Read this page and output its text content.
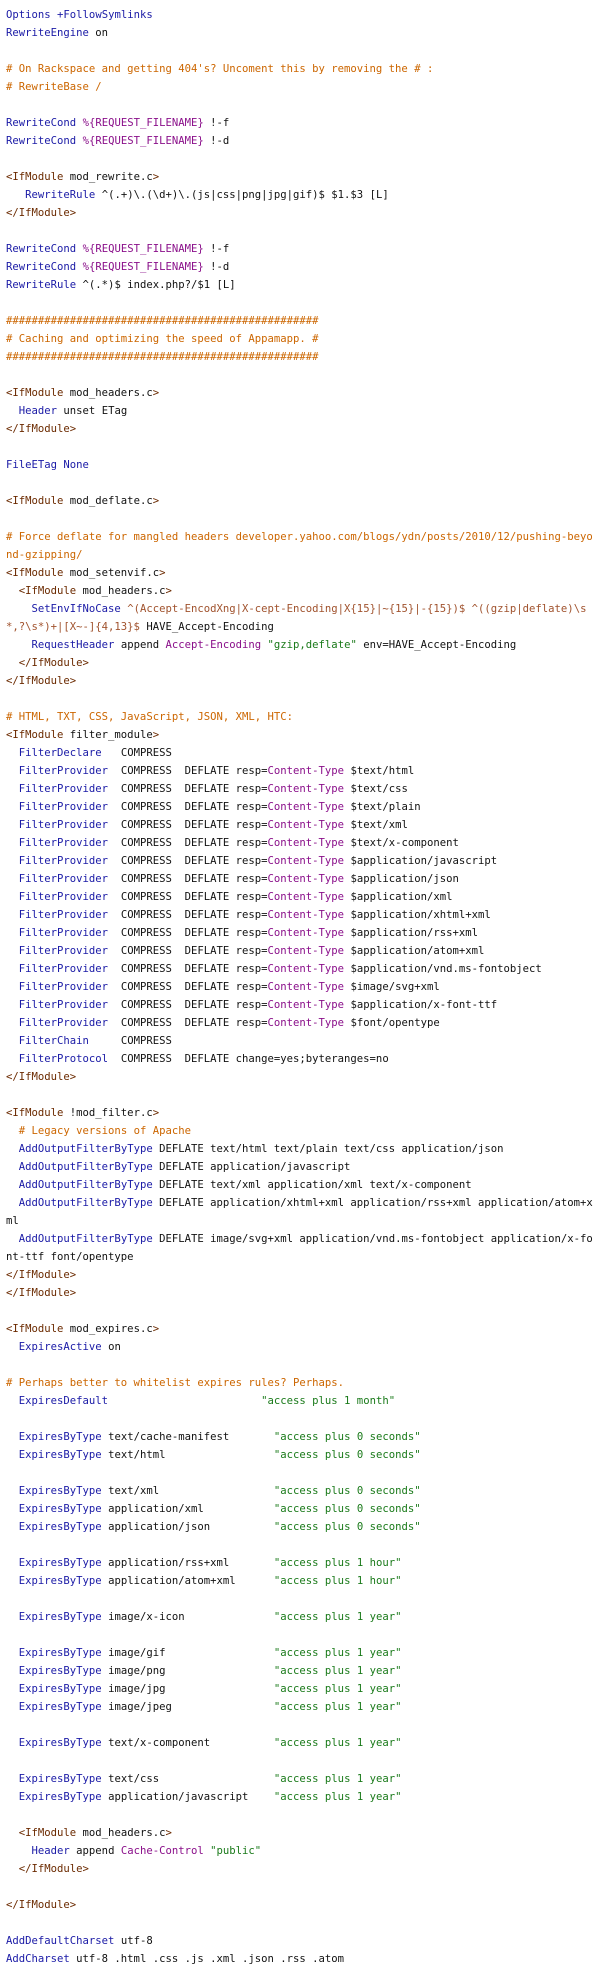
Options +FollowSymlinks
RewriteEngine on
# On Rackspace and getting 404's? Uncoment this by removing the # :
# RewriteBase /
RewriteCond %{REQUEST_FILENAME} !-f
RewriteCond %{REQUEST_FILENAME} !-d
<IfModule mod_rewrite.c>
RewriteRule ^(.+)\.(\d+)\.(js|css|png|jpg|gif)$ $1.$3 [L]
</IfModule>
RewriteCond %{REQUEST_FILENAME} !-f
RewriteCond %{REQUEST_FILENAME} !-d
RewriteRule ^(.*)$ index.php?/$1 [L]
#################################################
# Caching and optimizing the speed of Appamapp. #
#################################################
<IfModule mod_headers.c>
Header unset ETag
</IfModule>
FileETag None
<IfModule mod_deflate.c>
# Force deflate for mangled headers developer.yahoo.com/blogs/ydn/posts/2010/12/pushing-beyond-gzipping/
<IfModule mod_setenvif.c>
<IfModule mod_headers.c>
SetEnvIfNoCase ^(Accept-EncodXng|X-cept-Encoding|X{15}|~{15}|-{15})$ ^((gzip|deflate)\s*,?\s*)+|[X~-]{4,13}$ HAVE_Accept-Encoding
RequestHeader append Accept-Encoding "gzip,deflate" env=HAVE_Accept-Encoding
</IfModule>
</IfModule>
# HTML, TXT, CSS, JavaScript, JSON, XML, HTC:
<IfModule filter_module>
FilterDeclare   COMPRESS
FilterProvider  COMPRESS  DEFLATE resp=Content-Type $text/html
FilterProvider  COMPRESS  DEFLATE resp=Content-Type $text/css
FilterProvider  COMPRESS  DEFLATE resp=Content-Type $text/plain
FilterProvider  COMPRESS  DEFLATE resp=Content-Type $text/xml
FilterProvider  COMPRESS  DEFLATE resp=Content-Type $text/x-component
FilterProvider  COMPRESS  DEFLATE resp=Content-Type $application/javascript
FilterProvider  COMPRESS  DEFLATE resp=Content-Type $application/json
FilterProvider  COMPRESS  DEFLATE resp=Content-Type $application/xml
FilterProvider  COMPRESS  DEFLATE resp=Content-Type $application/xhtml+xml
FilterProvider  COMPRESS  DEFLATE resp=Content-Type $application/rss+xml
FilterProvider  COMPRESS  DEFLATE resp=Content-Type $application/atom+xml
FilterProvider  COMPRESS  DEFLATE resp=Content-Type $application/vnd.ms-fontobject
FilterProvider  COMPRESS  DEFLATE resp=Content-Type $image/svg+xml
FilterProvider  COMPRESS  DEFLATE resp=Content-Type $application/x-font-ttf
FilterProvider  COMPRESS  DEFLATE resp=Content-Type $font/opentype
FilterChain     COMPRESS
FilterProtocol  COMPRESS  DEFLATE change=yes;byteranges=no
</IfModule>
<IfModule !mod_filter.c>
# Legacy versions of Apache
AddOutputFilterByType DEFLATE text/html text/plain text/css application/json
AddOutputFilterByType DEFLATE application/javascript
AddOutputFilterByType DEFLATE text/xml application/xml text/x-component
AddOutputFilterByType DEFLATE application/xhtml+xml application/rss+xml application/atom+xml
AddOutputFilterByType DEFLATE image/svg+xml application/vnd.ms-fontobject application/x-font-ttf font/opentype
</IfModule>
</IfModule>
<IfModule mod_expires.c>
ExpiresActive on
# Perhaps better to whitelist expires rules? Perhaps.
ExpiresDefault	"access plus 1 month"
ExpiresByType text/cache-manifest       "access plus 0 seconds"
ExpiresByType text/html                 "access plus 0 seconds"
ExpiresByType text/xml                  "access plus 0 seconds"
ExpiresByType application/xml           "access plus 0 seconds"
ExpiresByType application/json          "access plus 0 seconds"
ExpiresByType application/rss+xml       "access plus 1 hour"
ExpiresByType application/atom+xml      "access plus 1 hour"
ExpiresByType image/x-icon              "access plus 1 year"
ExpiresByType image/gif                 "access plus 1 year"
ExpiresByType image/png                 "access plus 1 year"
ExpiresByType image/jpg                 "access plus 1 year"
ExpiresByType image/jpeg                "access plus 1 year"
ExpiresByType text/x-component          "access plus 1 year"
ExpiresByType text/css                  "access plus 1 year"
ExpiresByType application/javascript    "access plus 1 year"
<IfModule mod_headers.c>
Header append Cache-Control "public"
</IfModule>
</IfModule>
AddDefaultCharset utf-8
AddCharset utf-8 .html .css .js .xml .json .rss .atom
